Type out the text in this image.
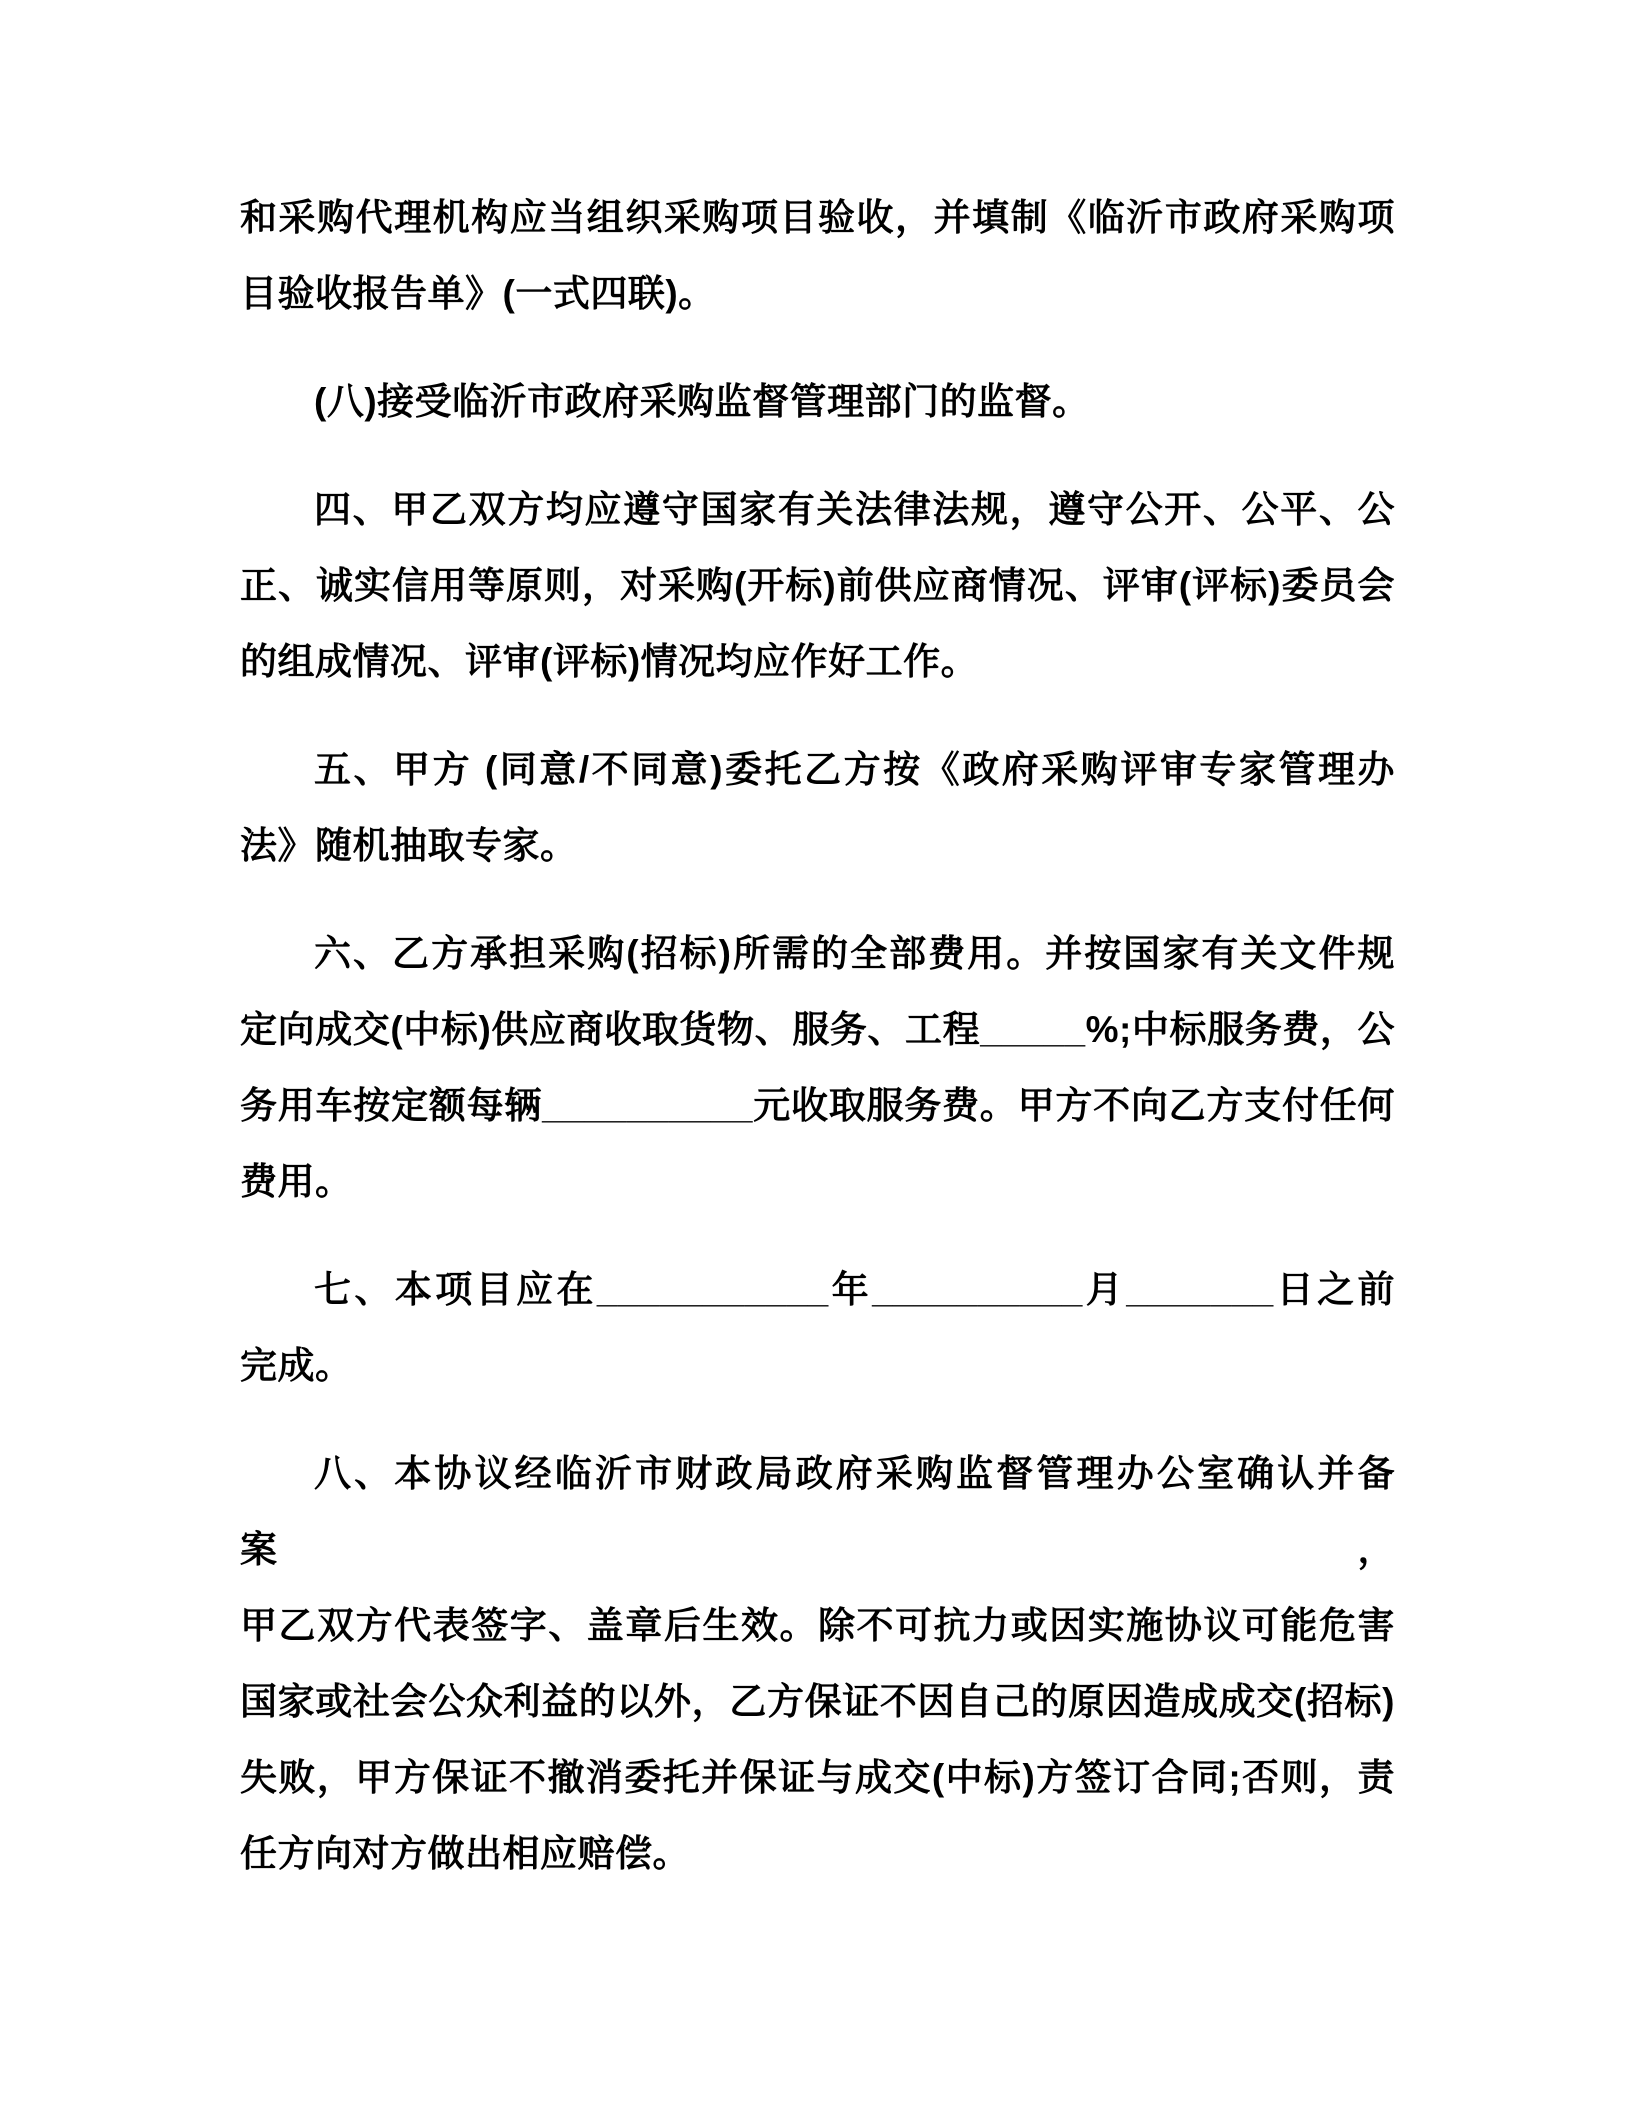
和采购代理机构应当组织采购项目验收，并填制《临沂市政府采购项
目验收报告单》(一式四联)。

(八)接受临沂市政府采购监督管理部门的监督。

四、甲乙双方均应遵守国家有关法律法规，遵守公开、公平、公
正、诚实信用等原则，对采购(开标)前供应商情况、评审(评标)委员会
的组成情况、评审(评标)情况均应作好工作。

五、甲方 (同意/不同意)委托乙方按《政府采购评审专家管理办
法》随机抽取专家。

六、乙方承担采购(招标)所需的全部费用。并按国家有关文件规
定向成交(中标)供应商收取货物、服务、工程_____%;中标服务费，公
务用车按定额每辆__________元收取服务费。甲方不向乙方支付任何
费用。

七、本项目应在___________年__________月_______日之前
完成。

八、本协议经临沂市财政局政府采购监督管理办公室确认并备案，
甲乙双方代表签字、盖章后生效。除不可抗力或因实施协议可能危害
国家或社会公众利益的以外，乙方保证不因自己的原因造成成交(招标)
失败，甲方保证不撤消委托并保证与成交(中标)方签订合同;否则，责
任方向对方做出相应赔偿。
